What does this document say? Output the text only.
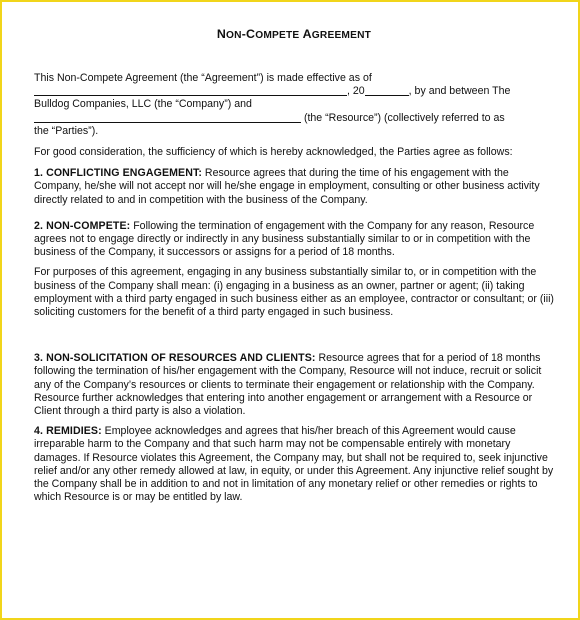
NON-COMPETE AGREEMENT

This Non-Compete Agreement (the “Agreement”) is made effective as of
, 20	, by and between The
Bulldog Companies, LLC (the “Company”) and
(the “Resource”) (collectively referred to as
the “Parties”).

For good consideration, the sufficiency of which is hereby acknowledged, the Parties agree as follows:

1. CONFLICTING ENGAGEMENT: Resource agrees that during the time of his engagement with the Company, he/she will not accept nor will he/she engage in employment, consulting or other business activity directly related to and in competition with the business of the Company.

2. NON-COMPETE: Following the termination of engagement with the Company for any reason, Resource agrees not to engage directly or indirectly in any business substantially similar to or in competition with the business of the Company, it successors or assigns for a period of 18 months.

For purposes of this agreement, engaging in any business substantially similar to, or in competition with the business of the Company shall mean: (i) engaging in a business as an owner, partner or agent; (ii) taking employment with a third party engaged in such business either as an employee, contractor or consultant; or (iii) soliciting customers for the benefit of a third party engaged in such business.

3. NON-SOLICITATION OF RESOURCES AND CLIENTS: Resource agrees that for a period of 18 months following the termination of his/her engagement with the Company, Resource will not induce, recruit or solicit any of the Company’s resources or clients to terminate their engagement or relationship with the Company. Resource further acknowledges that entering into another engagement or arrangement with a Resource or Client through a third party is also a violation.

4. REMIDIES: Employee acknowledges and agrees that his/her breach of this Agreement would cause irreparable harm to the Company and that such harm may not be compensable entirely with monetary damages. If Resource violates this Agreement, the Company may, but shall not be required to, seek injunctive relief and/or any other remedy allowed at law, in equity, or under this Agreement. Any injunctive relief sought by the Company shall be in addition to and not in limitation of any monetary relief or other remedies or rights to which Resource is or may be entitled by law.
